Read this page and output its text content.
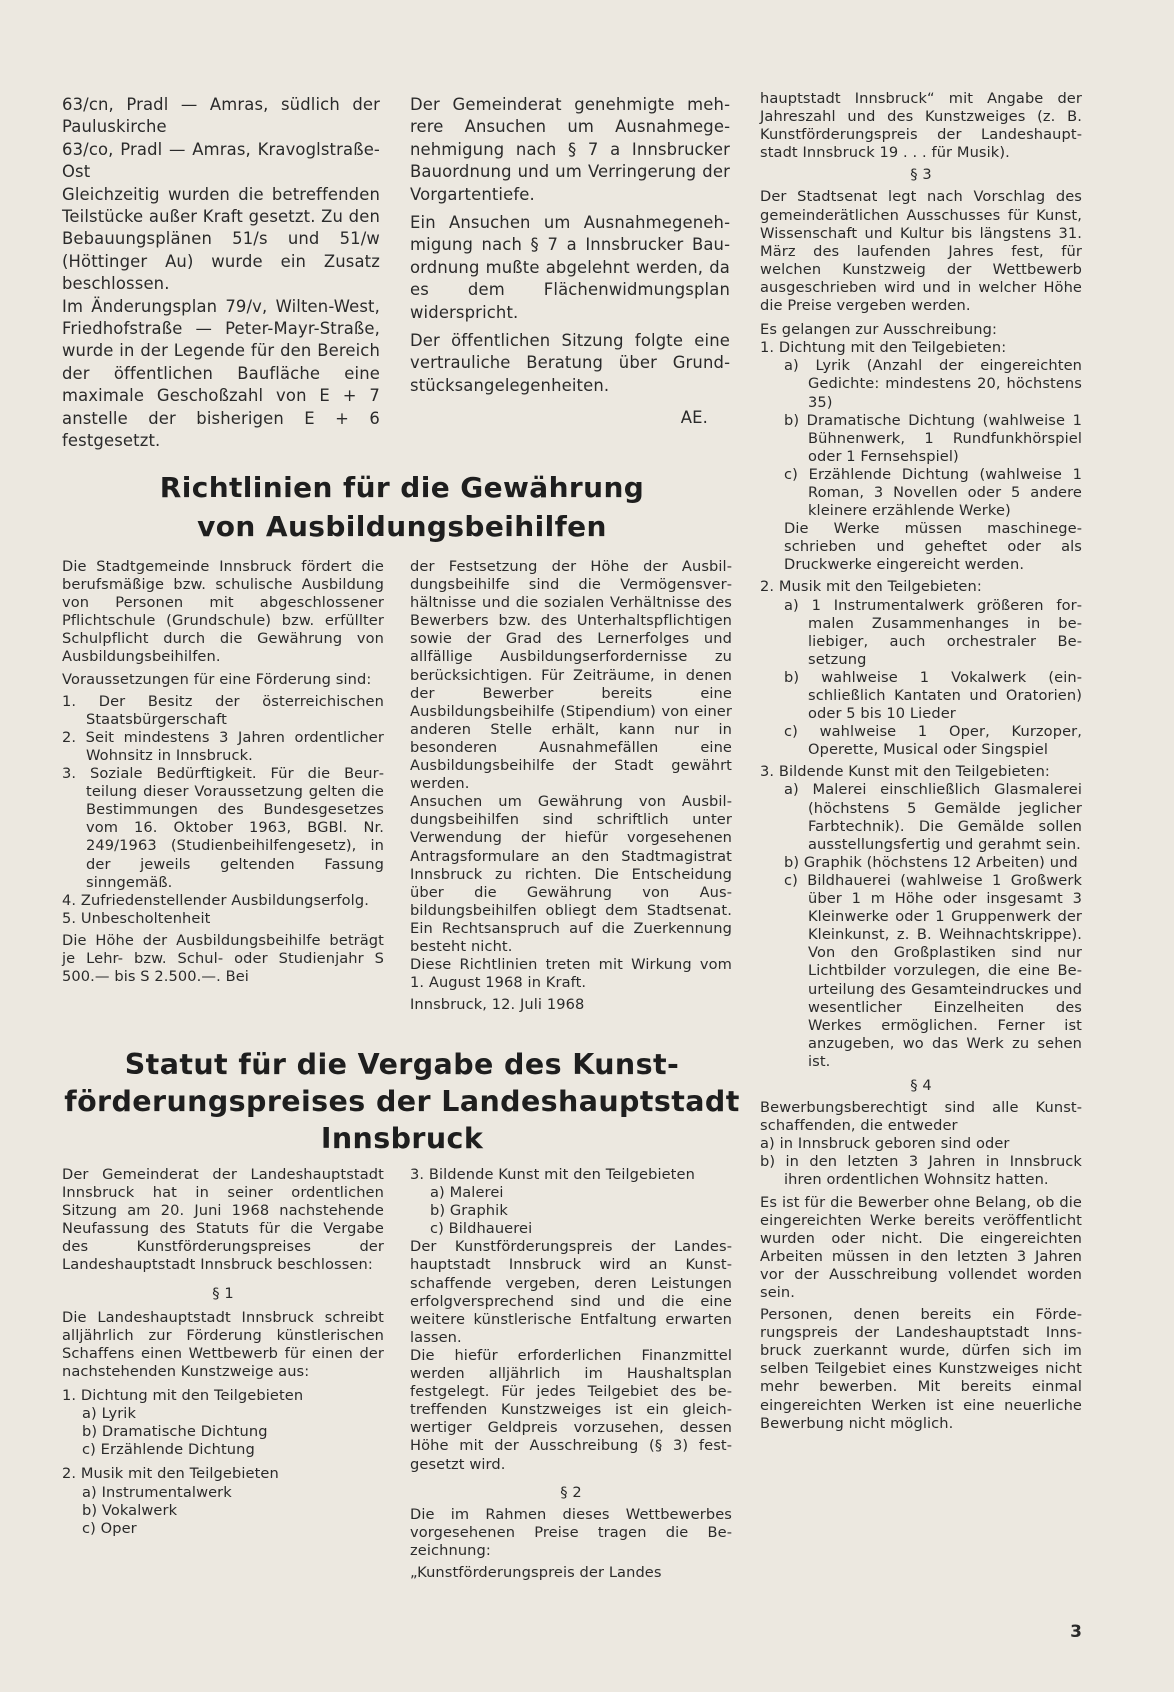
63/cn, Pradl — Amras, südlich der Pauluskirche

63/co, Pradl — Amras, Kravoglstraße-Ost

Gleichzeitig wurden die betreffenden Teilstücke außer Kraft gesetzt. Zu den Bebauungsplänen 51/s und 51/w (Höttinger Au) wurde ein Zusatz beschlossen.

Im Änderungsplan 79/v, Wilten-West, Friedhofstraße — Peter-Mayr-Straße, wurde in der Legende für den Bereich der öffentlichen Baufläche eine maximale Geschoßzahl von E + 7 anstelle der bisherigen E + 6 festgesetzt.

Der Gemeinderat genehmigte mehrere Ansuchen um Ausnahmegenehmigung nach § 7 a Innsbrucker Bauordnung und um Verringerung der Vorgartentiefe.

Ein Ansuchen um Ausnahmegenehmigung nach § 7 a Innsbrucker Bauordnung mußte abgelehnt werden, da es dem Flächenwidmungsplan widerspricht.

Der öffentlichen Sitzung folgte eine vertrauliche Beratung über Grundstücksangelegenheiten.

AE.

Richtlinien für die Gewährung
von Ausbildungsbeihilfen

Die Stadtgemeinde Innsbruck fördert die berufsmäßige bzw. schulische Ausbildung von Personen mit abgeschlossener Pflichtschule (Grundschule) bzw. erfüllter Schulpflicht durch die Gewährung von Ausbildungsbeihilfen.

Voraussetzungen für eine Förderung sind:

1. Der Besitz der österreichischen Staatsbürgerschaft

2. Seit mindestens 3 Jahren ordentlicher Wohnsitz in Innsbruck.

3. Soziale Bedürftigkeit. Für die Beurteilung dieser Voraussetzung gelten die Bestimmungen des Bundesgesetzes vom 16. Oktober 1963, BGBl. Nr. 249/1963 (Studienbeihilfengesetz), in der jeweils geltenden Fassung sinngemäß.

4. Zufriedenstellender Ausbildungserfolg.

5. Unbescholtenheit

Die Höhe der Ausbildungsbeihilfe beträgt je Lehr- bzw. Schul- oder Studienjahr S 500.— bis S 2.500.—. Bei

der Festsetzung der Höhe der Ausbildungsbeihilfe sind die Vermögensverhältnisse und die sozialen Verhältnisse des Bewerbers bzw. des Unterhaltspflichtigen sowie der Grad des Lernerfolges und allfällige Ausbildungserfordernisse zu berücksichtigen. Für Zeiträume, in denen der Bewerber bereits eine Ausbildungsbeihilfe (Stipendium) von einer anderen Stelle erhält, kann nur in besonderen Ausnahmefällen eine Ausbildungsbeihilfe der Stadt gewährt werden.

Ansuchen um Gewährung von Ausbildungsbeihilfen sind schriftlich unter Verwendung der hiefür vorgesehenen Antragsformulare an den Stadtmagistrat Innsbruck zu richten. Die Entscheidung über die Gewährung von Ausbildungsbeihilfen obliegt dem Stadtsenat. Ein Rechtsanspruch auf die Zuerkennung besteht nicht.

Diese Richtlinien treten mit Wirkung vom 1. August 1968 in Kraft.

Innsbruck, 12. Juli 1968

Statut für die Vergabe des Kunst-
förderungspreises der Landeshauptstadt
Innsbruck

Der Gemeinderat der Landeshauptstadt Innsbruck hat in seiner ordentlichen Sitzung am 20. Juni 1968 nachstehende Neufassung des Statuts für die Vergabe des Kunstförderungspreises der Landeshauptstadt Innsbruck beschlossen:

§ 1

Die Landeshauptstadt Innsbruck schreibt alljährlich zur Förderung künstlerischen Schaffens einen Wettbewerb für einen der nachstehenden Kunstzweige aus:

1. Dichtung mit den Teilgebieten

a) Lyrik

b) Dramatische Dichtung

c) Erzählende Dichtung

2. Musik mit den Teilgebieten

a) Instrumentalwerk

b) Vokalwerk

c) Oper

3. Bildende Kunst mit den Teilgebieten

a) Malerei

b) Graphik

c) Bildhauerei

Der Kunstförderungspreis der Landeshauptstadt Innsbruck wird an Kunstschaffende vergeben, deren Leistungen erfolgversprechend sind und die eine weitere künstlerische Entfaltung erwarten lassen.

Die hiefür erforderlichen Finanzmittel werden alljährlich im Haushaltsplan festgelegt. Für jedes Teilgebiet des betreffenden Kunstzweiges ist ein gleichwertiger Geldpreis vorzusehen, dessen Höhe mit der Ausschreibung (§ 3) festgesetzt wird.

§ 2

Die im Rahmen dieses Wettbewerbes vorgesehenen Preise tragen die Bezeichnung:

„Kunstförderungspreis der Landes

hauptstadt Innsbruck“ mit Angabe der Jahreszahl und des Kunstzweiges (z. B. Kunstförderungspreis der Landeshauptstadt Innsbruck 19 . . . für Musik).

§ 3

Der Stadtsenat legt nach Vorschlag des gemeinderätlichen Ausschusses für Kunst, Wissenschaft und Kultur bis längstens 31. März des laufenden Jahres fest, für welchen Kunstzweig der Wettbewerb ausgeschrieben wird und in welcher Höhe die Preise vergeben werden.

Es gelangen zur Ausschreibung:

1. Dichtung mit den Teilgebieten:

a) Lyrik (Anzahl der eingereichten Gedichte: mindestens 20, höchstens 35)

b) Dramatische Dichtung (wahlweise 1 Bühnenwerk, 1 Rundfunkhörspiel oder 1 Fernsehspiel)

c) Erzählende Dichtung (wahlweise 1 Roman, 3 Novellen oder 5 andere kleinere erzählende Werke)

Die Werke müssen maschinegeschrieben und geheftet oder als Druckwerke eingereicht werden.

2. Musik mit den Teilgebieten:

a) 1 Instrumentalwerk größeren formalen Zusammenhanges in beliebiger, auch orchestraler Besetzung

b) wahlweise 1 Vokalwerk (einschließlich Kantaten und Oratorien) oder 5 bis 10 Lieder

c) wahlweise 1 Oper, Kurzoper, Operette, Musical oder Singspiel

3. Bildende Kunst mit den Teilgebieten:

a) Malerei einschließlich Glasmalerei (höchstens 5 Gemälde jeglicher Farbtechnik). Die Gemälde sollen ausstellungsfertig und gerahmt sein.

b) Graphik (höchstens 12 Arbeiten) und

c) Bildhauerei (wahlweise 1 Großwerk über 1 m Höhe oder insgesamt 3 Kleinwerke oder 1 Gruppenwerk der Kleinkunst, z. B. Weihnachtskrippe). Von den Großplastiken sind nur Lichtbilder vorzulegen, die eine Beurteilung des Gesamteindruckes und wesentlicher Einzelheiten des Werkes ermöglichen. Ferner ist anzugeben, wo das Werk zu sehen ist.

§ 4

Bewerbungsberechtigt sind alle Kunstschaffenden, die entweder

a) in Innsbruck geboren sind oder

b) in den letzten 3 Jahren in Innsbruck ihren ordentlichen Wohnsitz hatten.

Es ist für die Bewerber ohne Belang, ob die eingereichten Werke bereits veröffentlicht wurden oder nicht. Die eingereichten Arbeiten müssen in den letzten 3 Jahren vor der Ausschreibung vollendet worden sein.

Personen, denen bereits ein Förderungspreis der Landeshauptstadt Innsbruck zuerkannt wurde, dürfen sich im selben Teilgebiet eines Kunstzweiges nicht mehr bewerben. Mit bereits einmal eingereichten Werken ist eine neuerliche Bewerbung nicht möglich.

3
